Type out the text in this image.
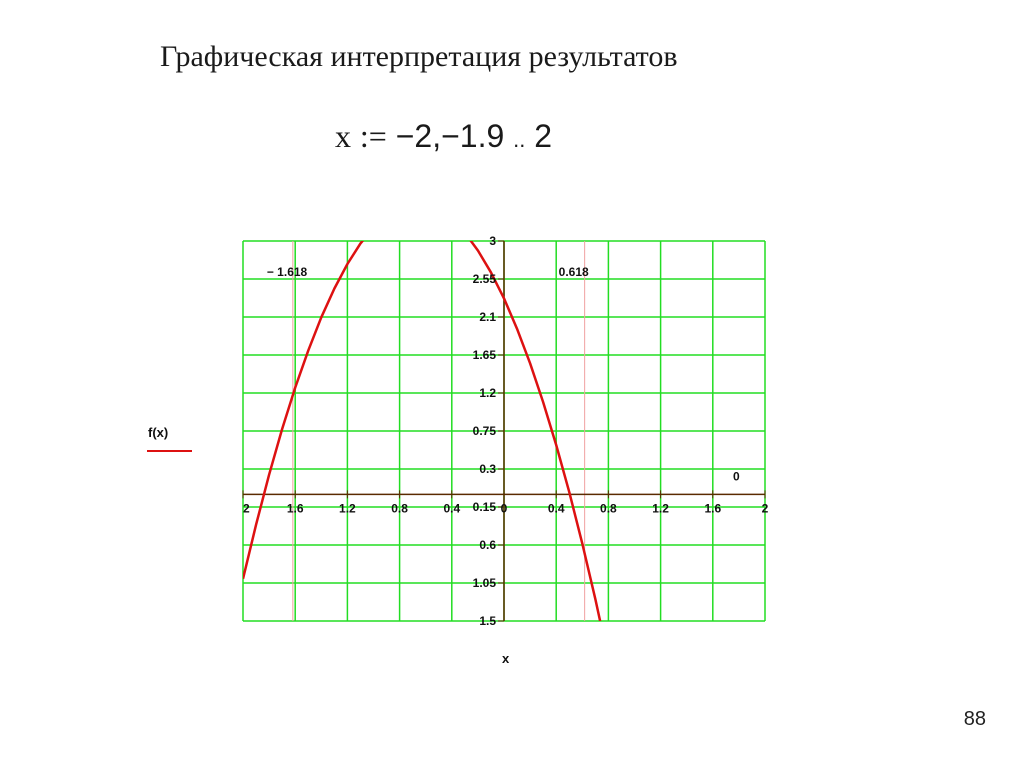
Графическая интерпретация результатов
x := −2,−1.9 .. 2
− 1.618	0.618
2	1.6	1.2	0.8	0.4	0	0.4	0.8	1.2	1.6	2
3
2.55
2.1
1.65
1.2
0.75
0.3
0.15
0.6
1.05
1.5
0
f(x)
x
88
